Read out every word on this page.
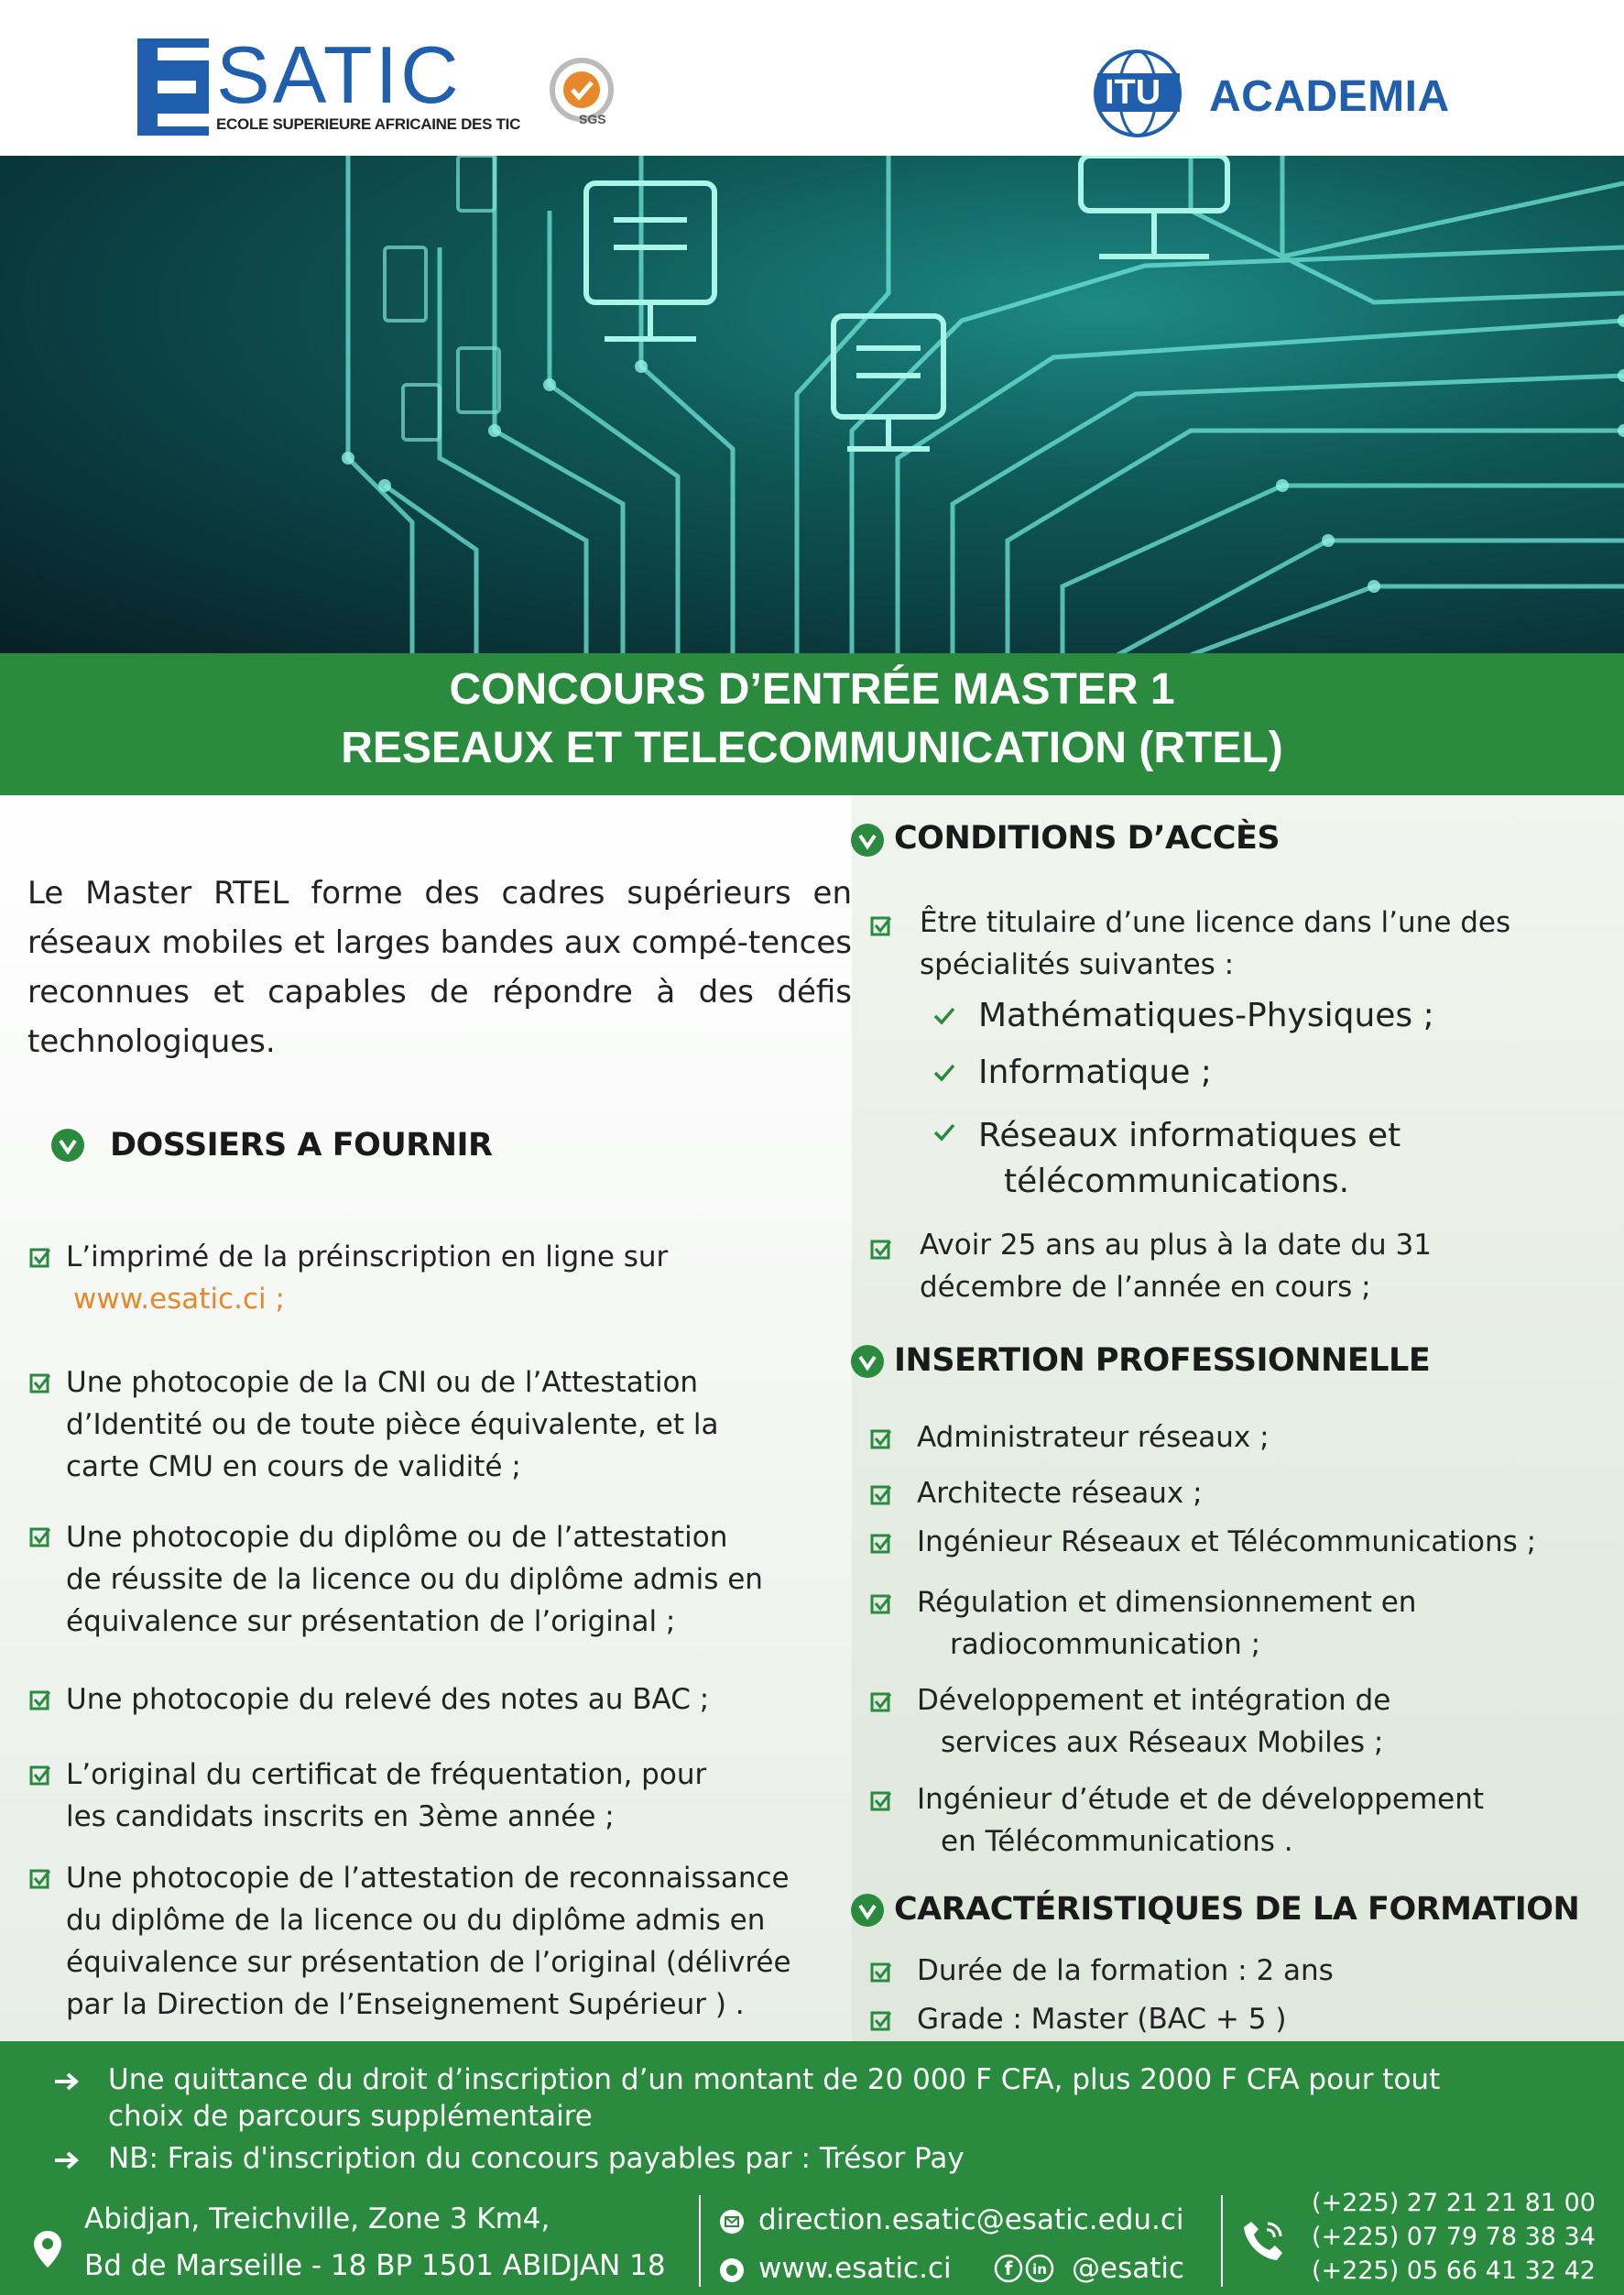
SATIC
ECOLE SUPERIEURE AFRICAINE DES TIC	SGS
ITU ACADEMIA
CONCOURS D’ENTRÉE MASTER 1
RESEAUX ET TELECOMMUNICATION (RTEL)
Le Master RTEL forme des cadres supérieurs en réseaux mobiles et larges bandes aux compé-tences reconnues et capables de répondre à des défis technologiques.
DOSSIERS A FOURNIR
L’imprimé de la préinscription en ligne sur
www.esatic.ci ;
Une photocopie de la CNI ou de l’Attestation
d’Identité ou de toute pièce équivalente, et la
carte CMU en cours de validité ;
Une photocopie du diplôme ou de l’attestation
de réussite de la licence ou du diplôme admis en
équivalence sur présentation de l’original ;
Une photocopie du relevé des notes au BAC ;
L’original du certificat de fréquentation, pour
les candidats inscrits en 3ème année ;
Une photocopie de l’attestation de reconnaissance
du diplôme de la licence ou du diplôme admis en
équivalence sur présentation de l’original (délivrée
par la Direction de l’Enseignement Supérieur ) .
CONDITIONS D’ACCÈS
Être titulaire d’une licence dans l’une des
spécialités suivantes :
Mathématiques-Physiques ;
Informatique ;
Réseaux informatiques et
télécommunications.
Avoir 25 ans au plus à la date du 31
décembre de l’année en cours ;
INSERTION PROFESSIONNELLE
Administrateur réseaux ;
Architecte réseaux ;
Ingénieur Réseaux et Télécommunications ;
Régulation et dimensionnement en
radiocommunication ;
Développement et intégration de
services aux Réseaux Mobiles ;
Ingénieur d’étude et de développement
en Télécommunications .
CARACTÉRISTIQUES DE LA FORMATION
Durée de la formation : 2 ans
Grade : Master (BAC + 5 )
Une quittance du droit d’inscription d’un montant de 20 000 F CFA, plus 2000 F CFA pour tout
choix de parcours supplémentaire
NB: Frais d'inscription du concours payables par : Trésor Pay
Abidjan, Treichville, Zone 3 Km4,
Bd de Marseille - 18 BP 1501 ABIDJAN 18
direction.esatic@esatic.edu.ci
www.esatic.ci	f in @esatic
(+225) 27 21 21 81 00
(+225) 07 79 78 38 34
(+225) 05 66 41 32 42
